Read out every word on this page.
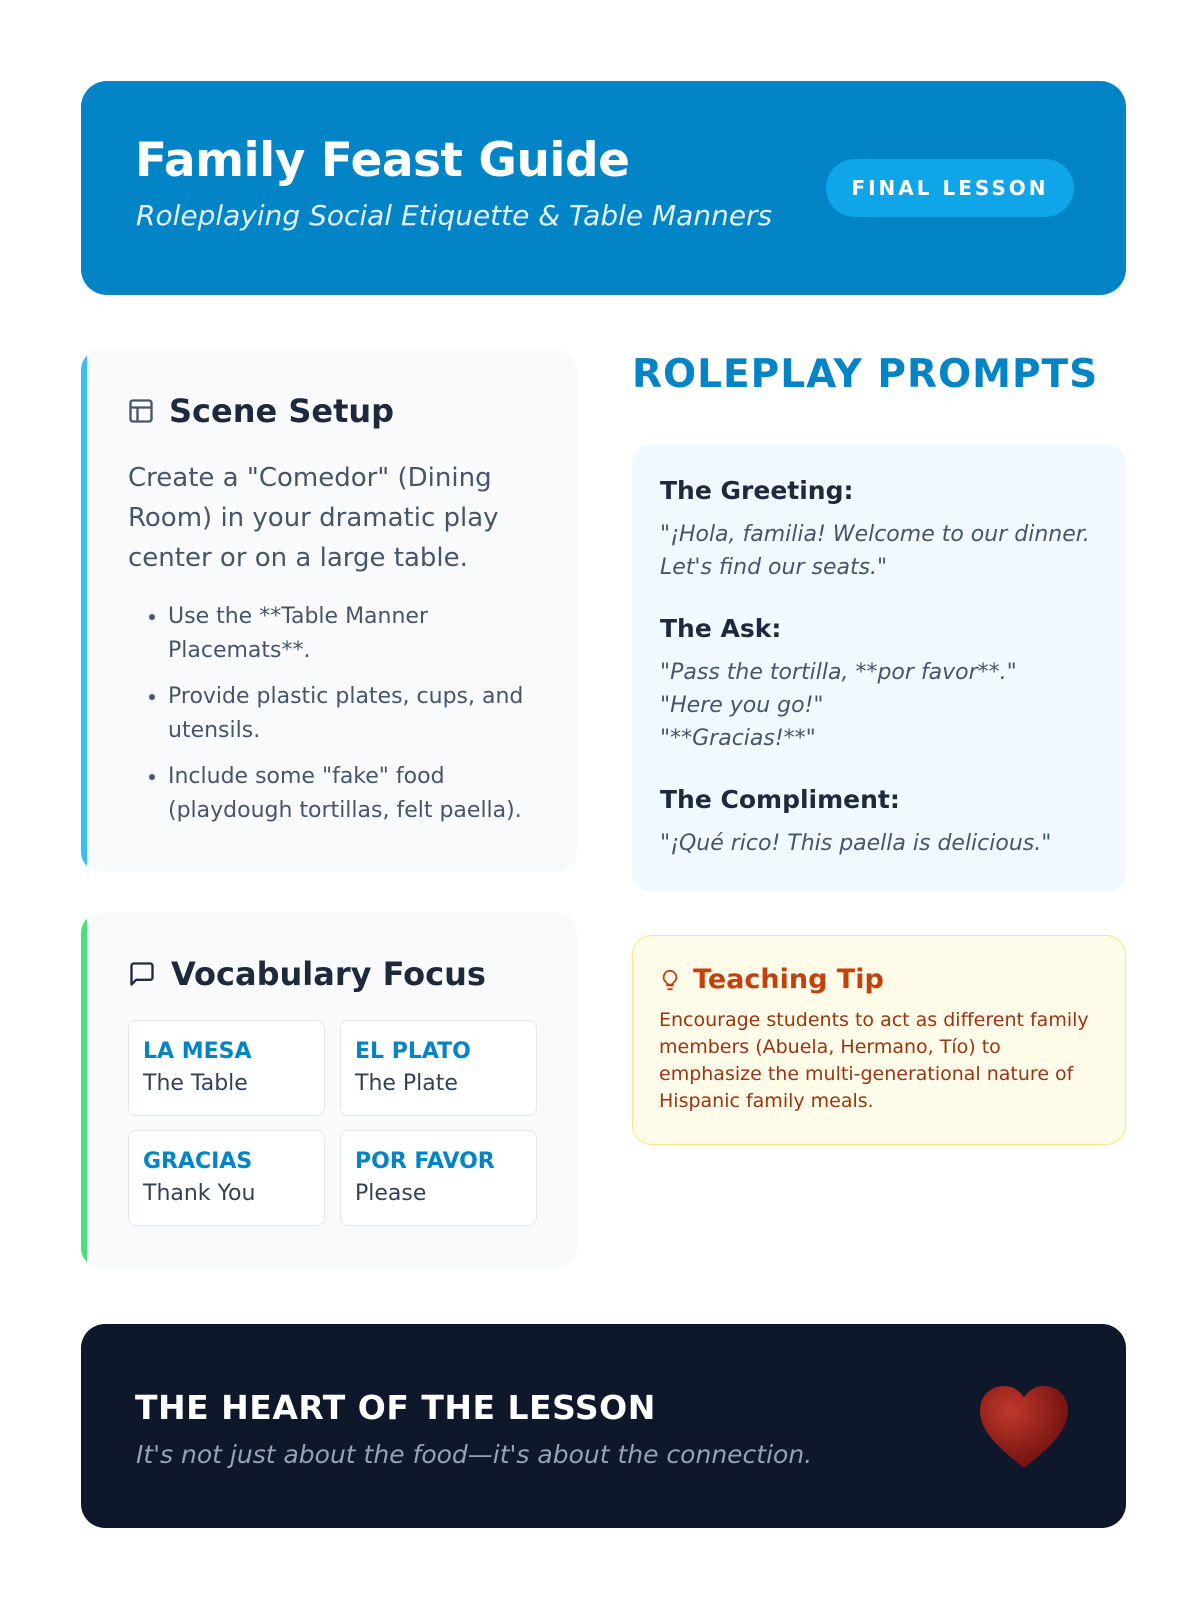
Family Feast Guide
Roleplaying Social Etiquette & Table Manners
FINAL LESSON
Scene Setup
Create a "Comedor" (Dining Room) in your dramatic play center or on a large table.
• Use the **Table Manner Placemats**.
• Provide plastic plates, cups, and utensils.
• Include some "fake" food (playdough tortillas, felt paella).
Vocabulary Focus
LA MESA
The Table
EL PLATO
The Plate
GRACIAS
Thank You
POR FAVOR
Please
ROLEPLAY PROMPTS
The Greeting:
"¡Hola, familia! Welcome to our dinner. Let's find our seats."
The Ask:
"Pass the tortilla, **por favor**."
"Here you go!"
"**Gracias!**"
The Compliment:
"¡Qué rico! This paella is delicious."
Teaching Tip
Encourage students to act as different family members (Abuela, Hermano, Tío) to emphasize the multi-generational nature of Hispanic family meals.
THE HEART OF THE LESSON
It's not just about the food—it's about the connection.
